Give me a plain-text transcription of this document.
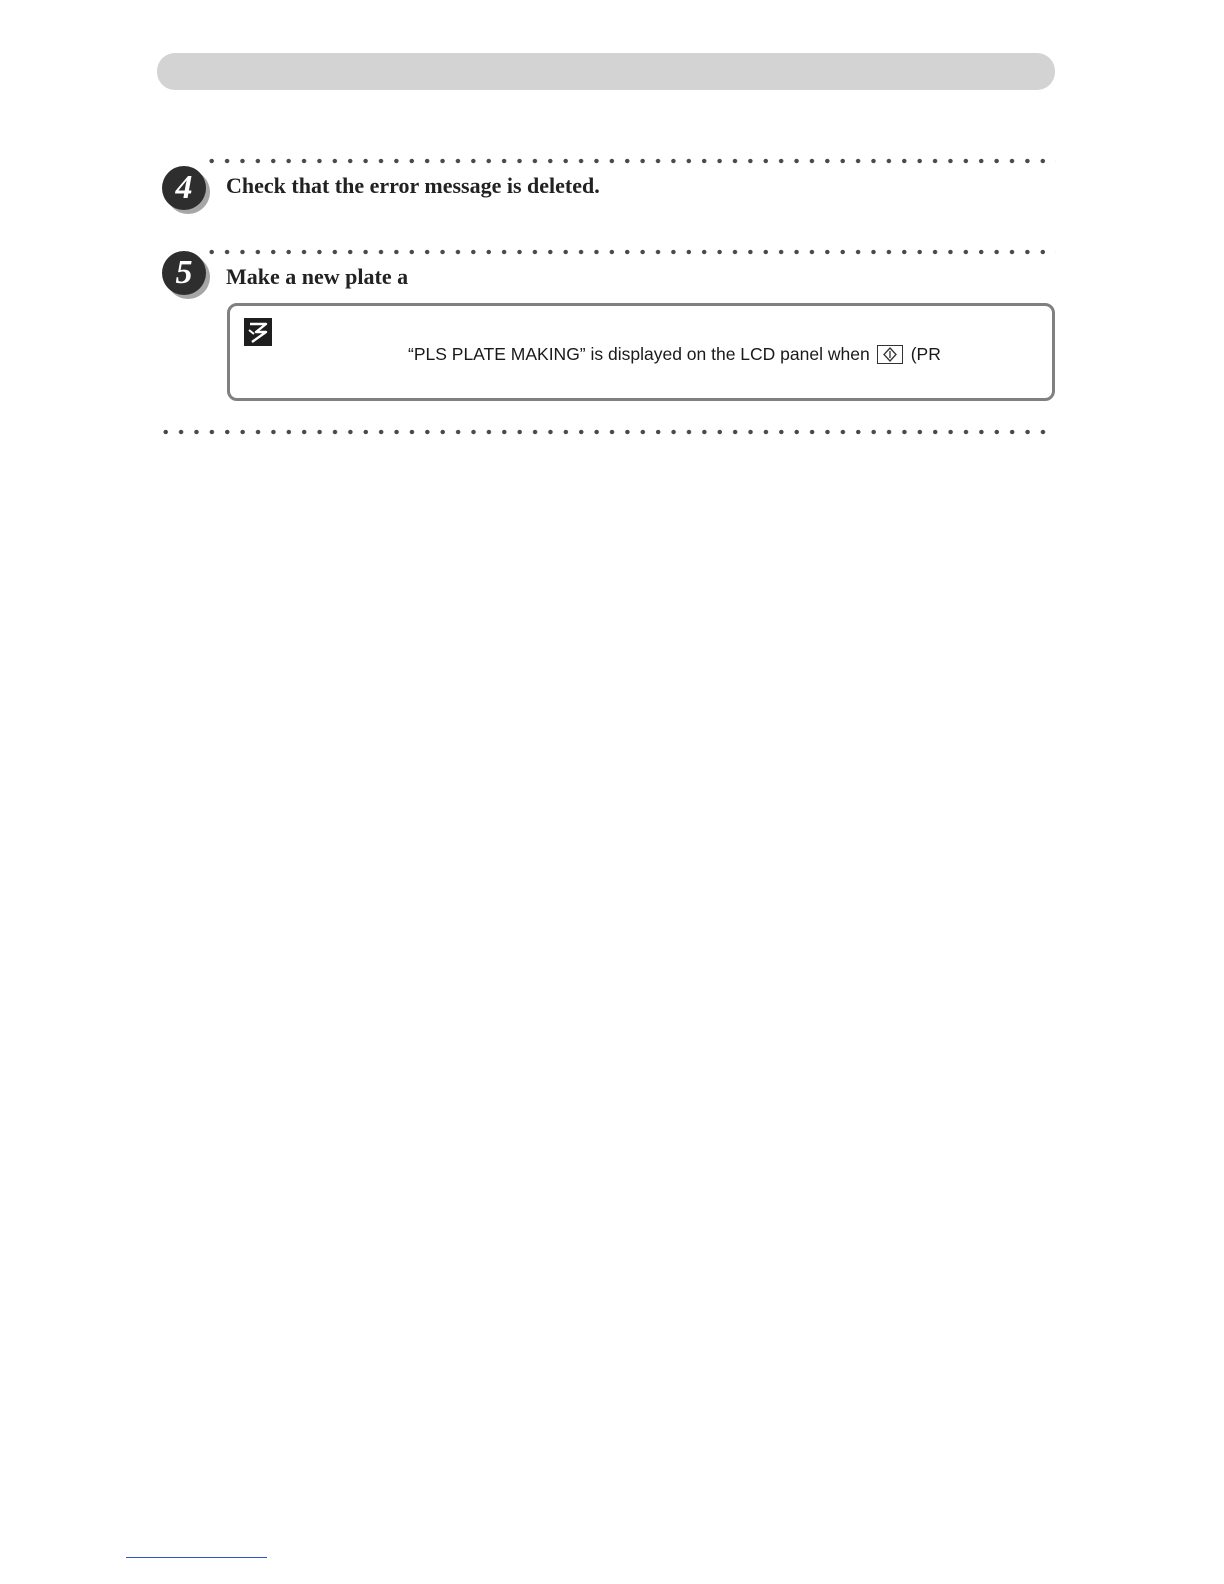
4	Check that the error message is deleted.
5	Make a new plate a
“PLS PLATE MAKING” is displayed on the LCD panel when (PR
